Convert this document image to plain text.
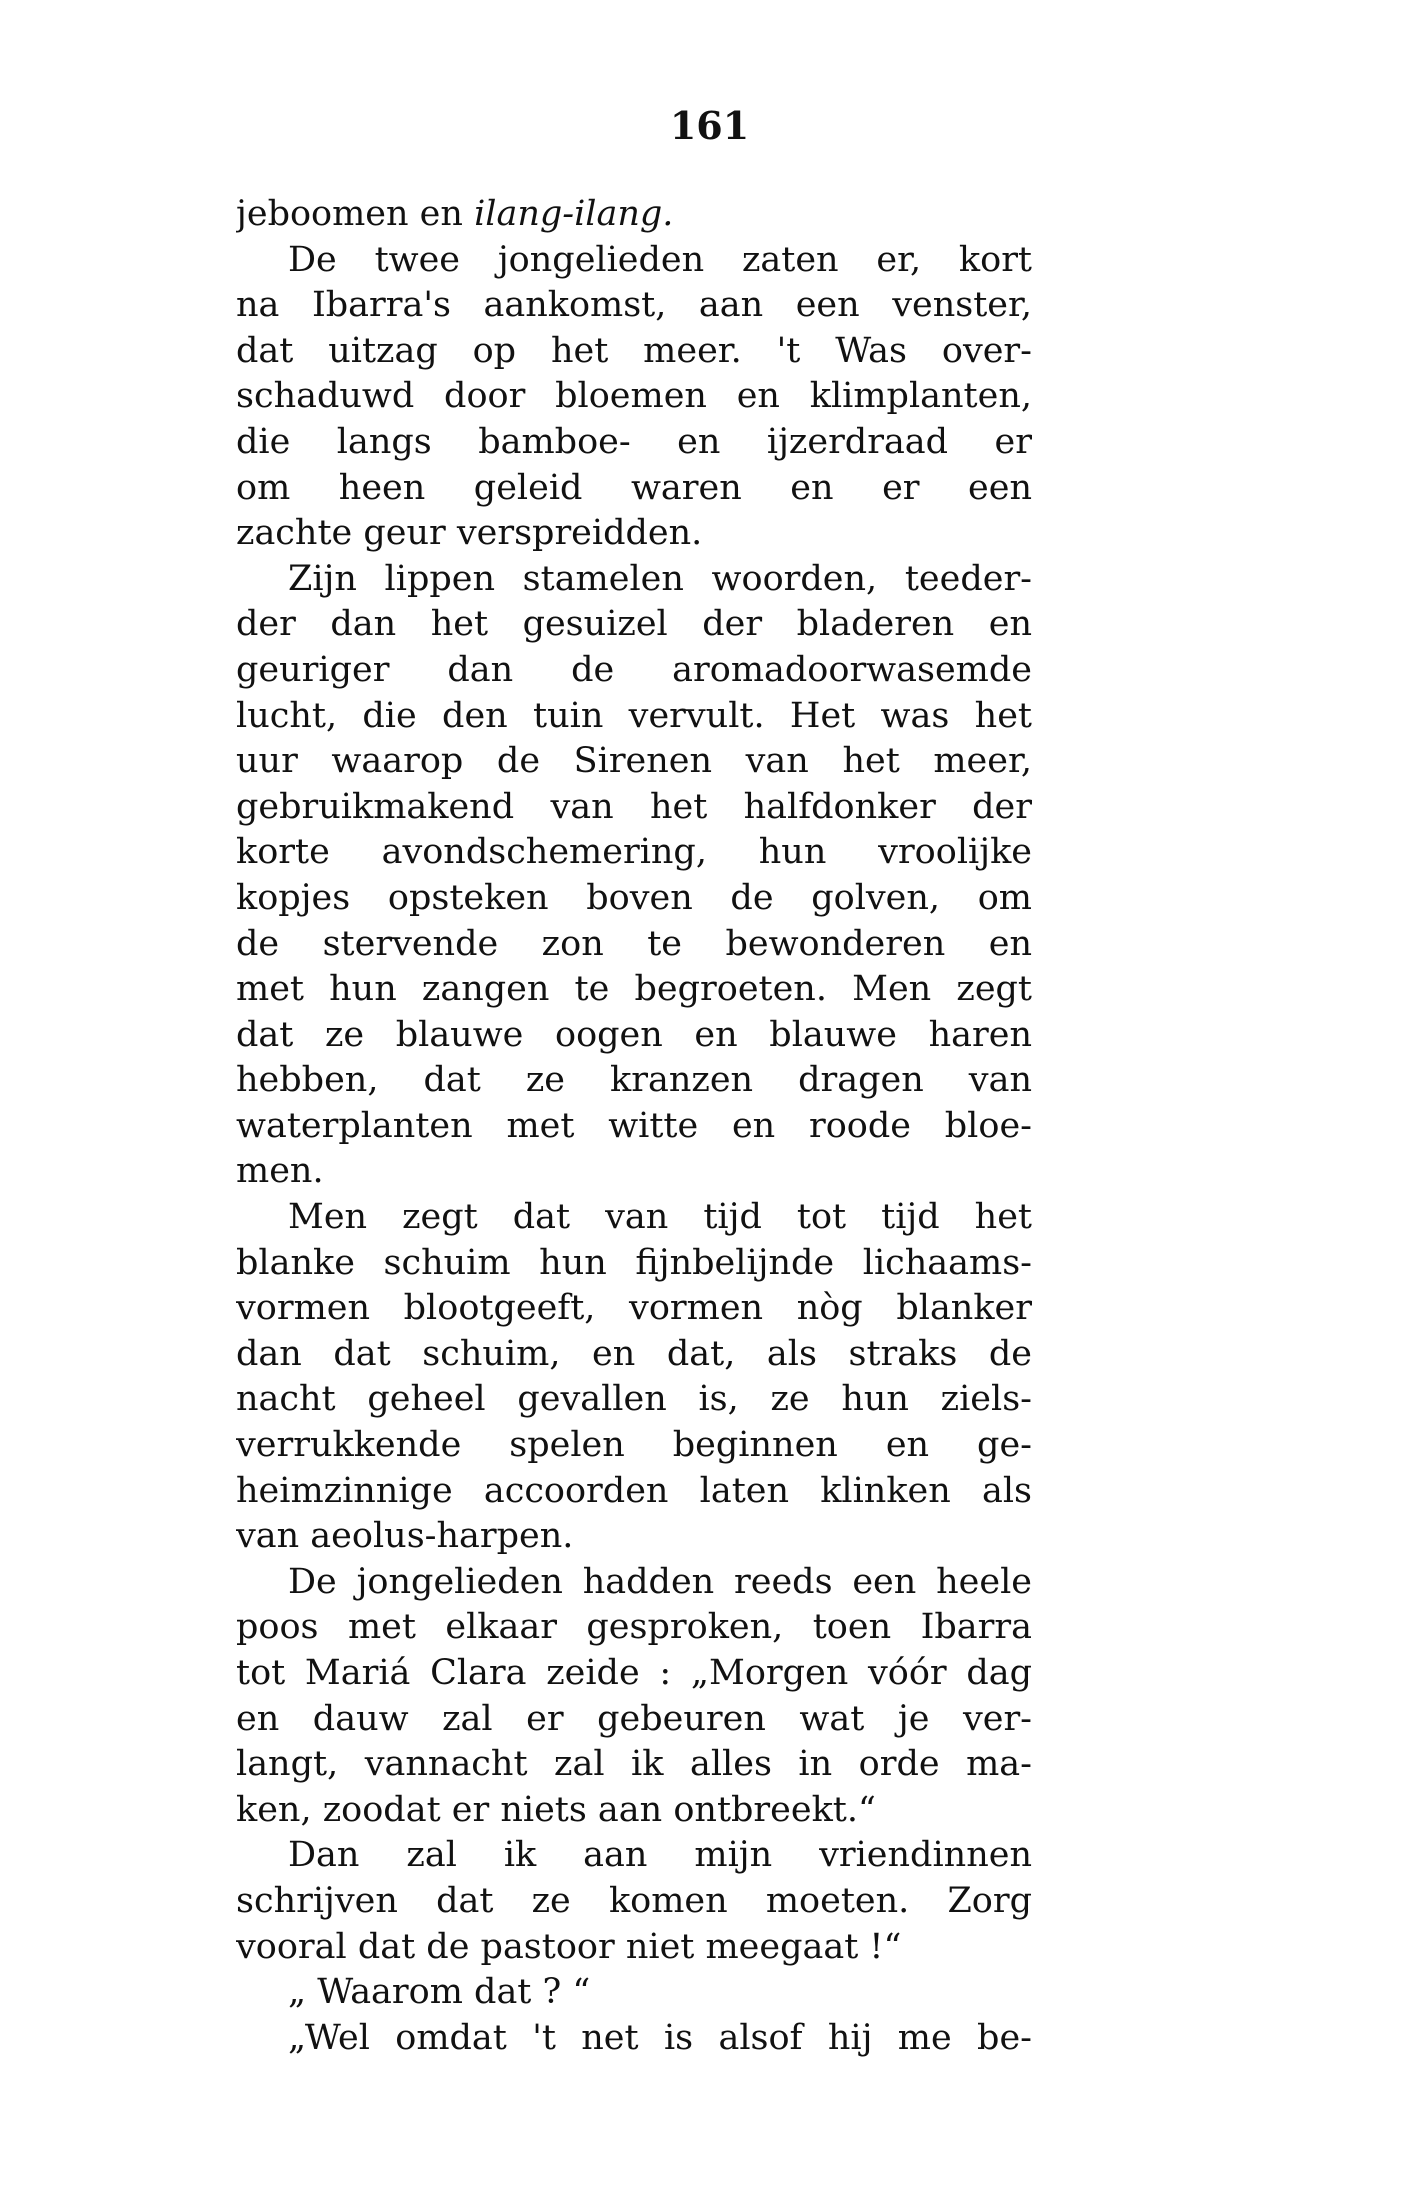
161
jeboomen en ilang-ilang.
De twee jongelieden zaten er, kort
na Ibarra's aankomst, aan een venster,
dat uitzag op het meer. 't Was over-
schaduwd door bloemen en klimplanten,
die langs bamboe- en ijzerdraad er
om heen geleid waren en er een
zachte geur verspreidden.
Zijn lippen stamelen woorden, teeder-
der dan het gesuizel der bladeren en
geuriger dan de aromadoorwasemde
lucht, die den tuin vervult. Het was het
uur waarop de Sirenen van het meer,
gebruikmakend van het halfdonker der
korte avondschemering, hun vroolijke
kopjes opsteken boven de golven, om
de stervende zon te bewonderen en
met hun zangen te begroeten. Men zegt
dat ze blauwe oogen en blauwe haren
hebben, dat ze kranzen dragen van
waterplanten met witte en roode bloe-
men.
Men zegt dat van tijd tot tijd het
blanke schuim hun fijnbelijnde lichaams-
vormen blootgeeft, vormen nòg blanker
dan dat schuim, en dat, als straks de
nacht geheel gevallen is, ze hun ziels-
verrukkende spelen beginnen en ge-
heimzinnige accoorden laten klinken als
van aeolus-harpen.
De jongelieden hadden reeds een heele
poos met elkaar gesproken, toen Ibarra
tot Mariá Clara zeide : „Morgen vóór dag
en dauw zal er gebeuren wat je ver-
langt, vannacht zal ik alles in orde ma-
ken, zoodat er niets aan ontbreekt.“
Dan zal ik aan mijn vriendinnen
schrijven dat ze komen moeten. Zorg
vooral dat de pastoor niet meegaat !“
„ Waarom dat ? “
„Wel omdat 't net is alsof hij me be-
